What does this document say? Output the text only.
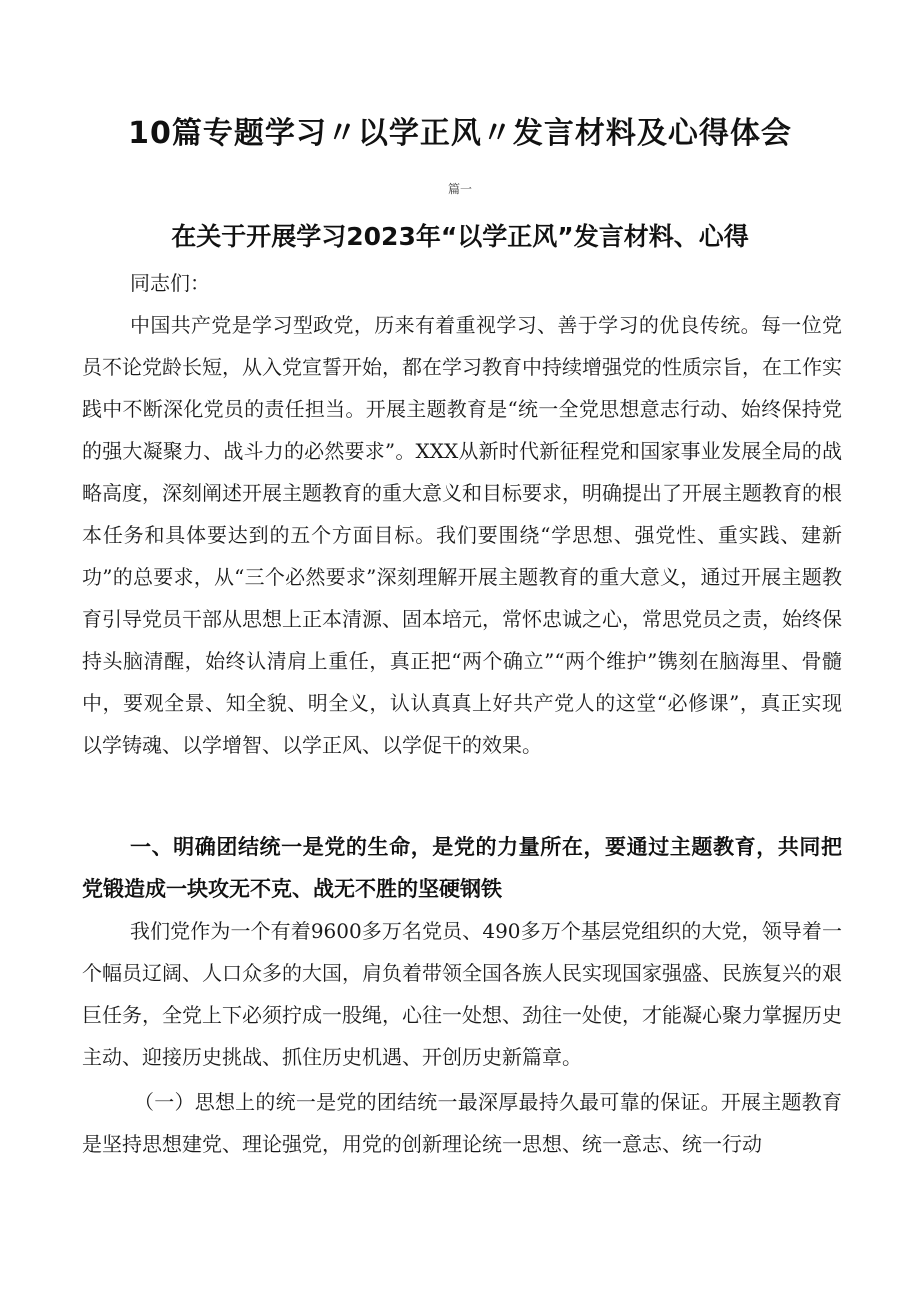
10篇专题学习〃以学正风〃发言材料及心得体会
篇一
在关于开展学习2023年“以学正风”发言材料、心得
同志们：
中国共产党是学习型政党，历来有着重视学习、善于学习的优良传统。每一位党员不论党龄长短，从入党宣誓开始，都在学习教育中持续增强党的性质宗旨，在工作实践中不断深化党员的责任担当。开展主题教育是“统一全党思想意志行动、始终保持党的强大凝聚力、战斗力的必然要求”。XXX从新时代新征程党和国家事业发展全局的战略高度，深刻阐述开展主题教育的重大意义和目标要求，明确提出了开展主题教育的根本任务和具体要达到的五个方面目标。我们要围绕“学思想、强党性、重实践、建新功”的总要求，从“三个必然要求”深刻理解开展主题教育的重大意义，通过开展主题教育引导党员干部从思想上正本清源、固本培元，常怀忠诚之心，常思党员之责，始终保持头脑清醒，始终认清肩上重任，真正把“两个确立”“两个维护”镌刻在脑海里、骨髓中，要观全景、知全貌、明全义，认认真真上好共产党人的这堂“必修课”，真正实现以学铸魂、以学增智、以学正风、以学促干的效果。
一、明确团结统一是党的生命，是党的力量所在，要通过主题教育，共同把党锻造成一块攻无不克、战无不胜的坚硬钢铁
我们党作为一个有着9600多万名党员、490多万个基层党组织的大党，领导着一个幅员辽阔、人口众多的大国，肩负着带领全国各族人民实现国家强盛、民族复兴的艰巨任务，全党上下必须拧成一股绳，心往一处想、劲往一处使，才能凝心聚力掌握历史主动、迎接历史挑战、抓住历史机遇、开创历史新篇章。
（一）思想上的统一是党的团结统一最深厚最持久最可靠的保证。开展主题教育是坚持思想建党、理论强党，用党的创新理论统一思想、统一意志、统一行动
